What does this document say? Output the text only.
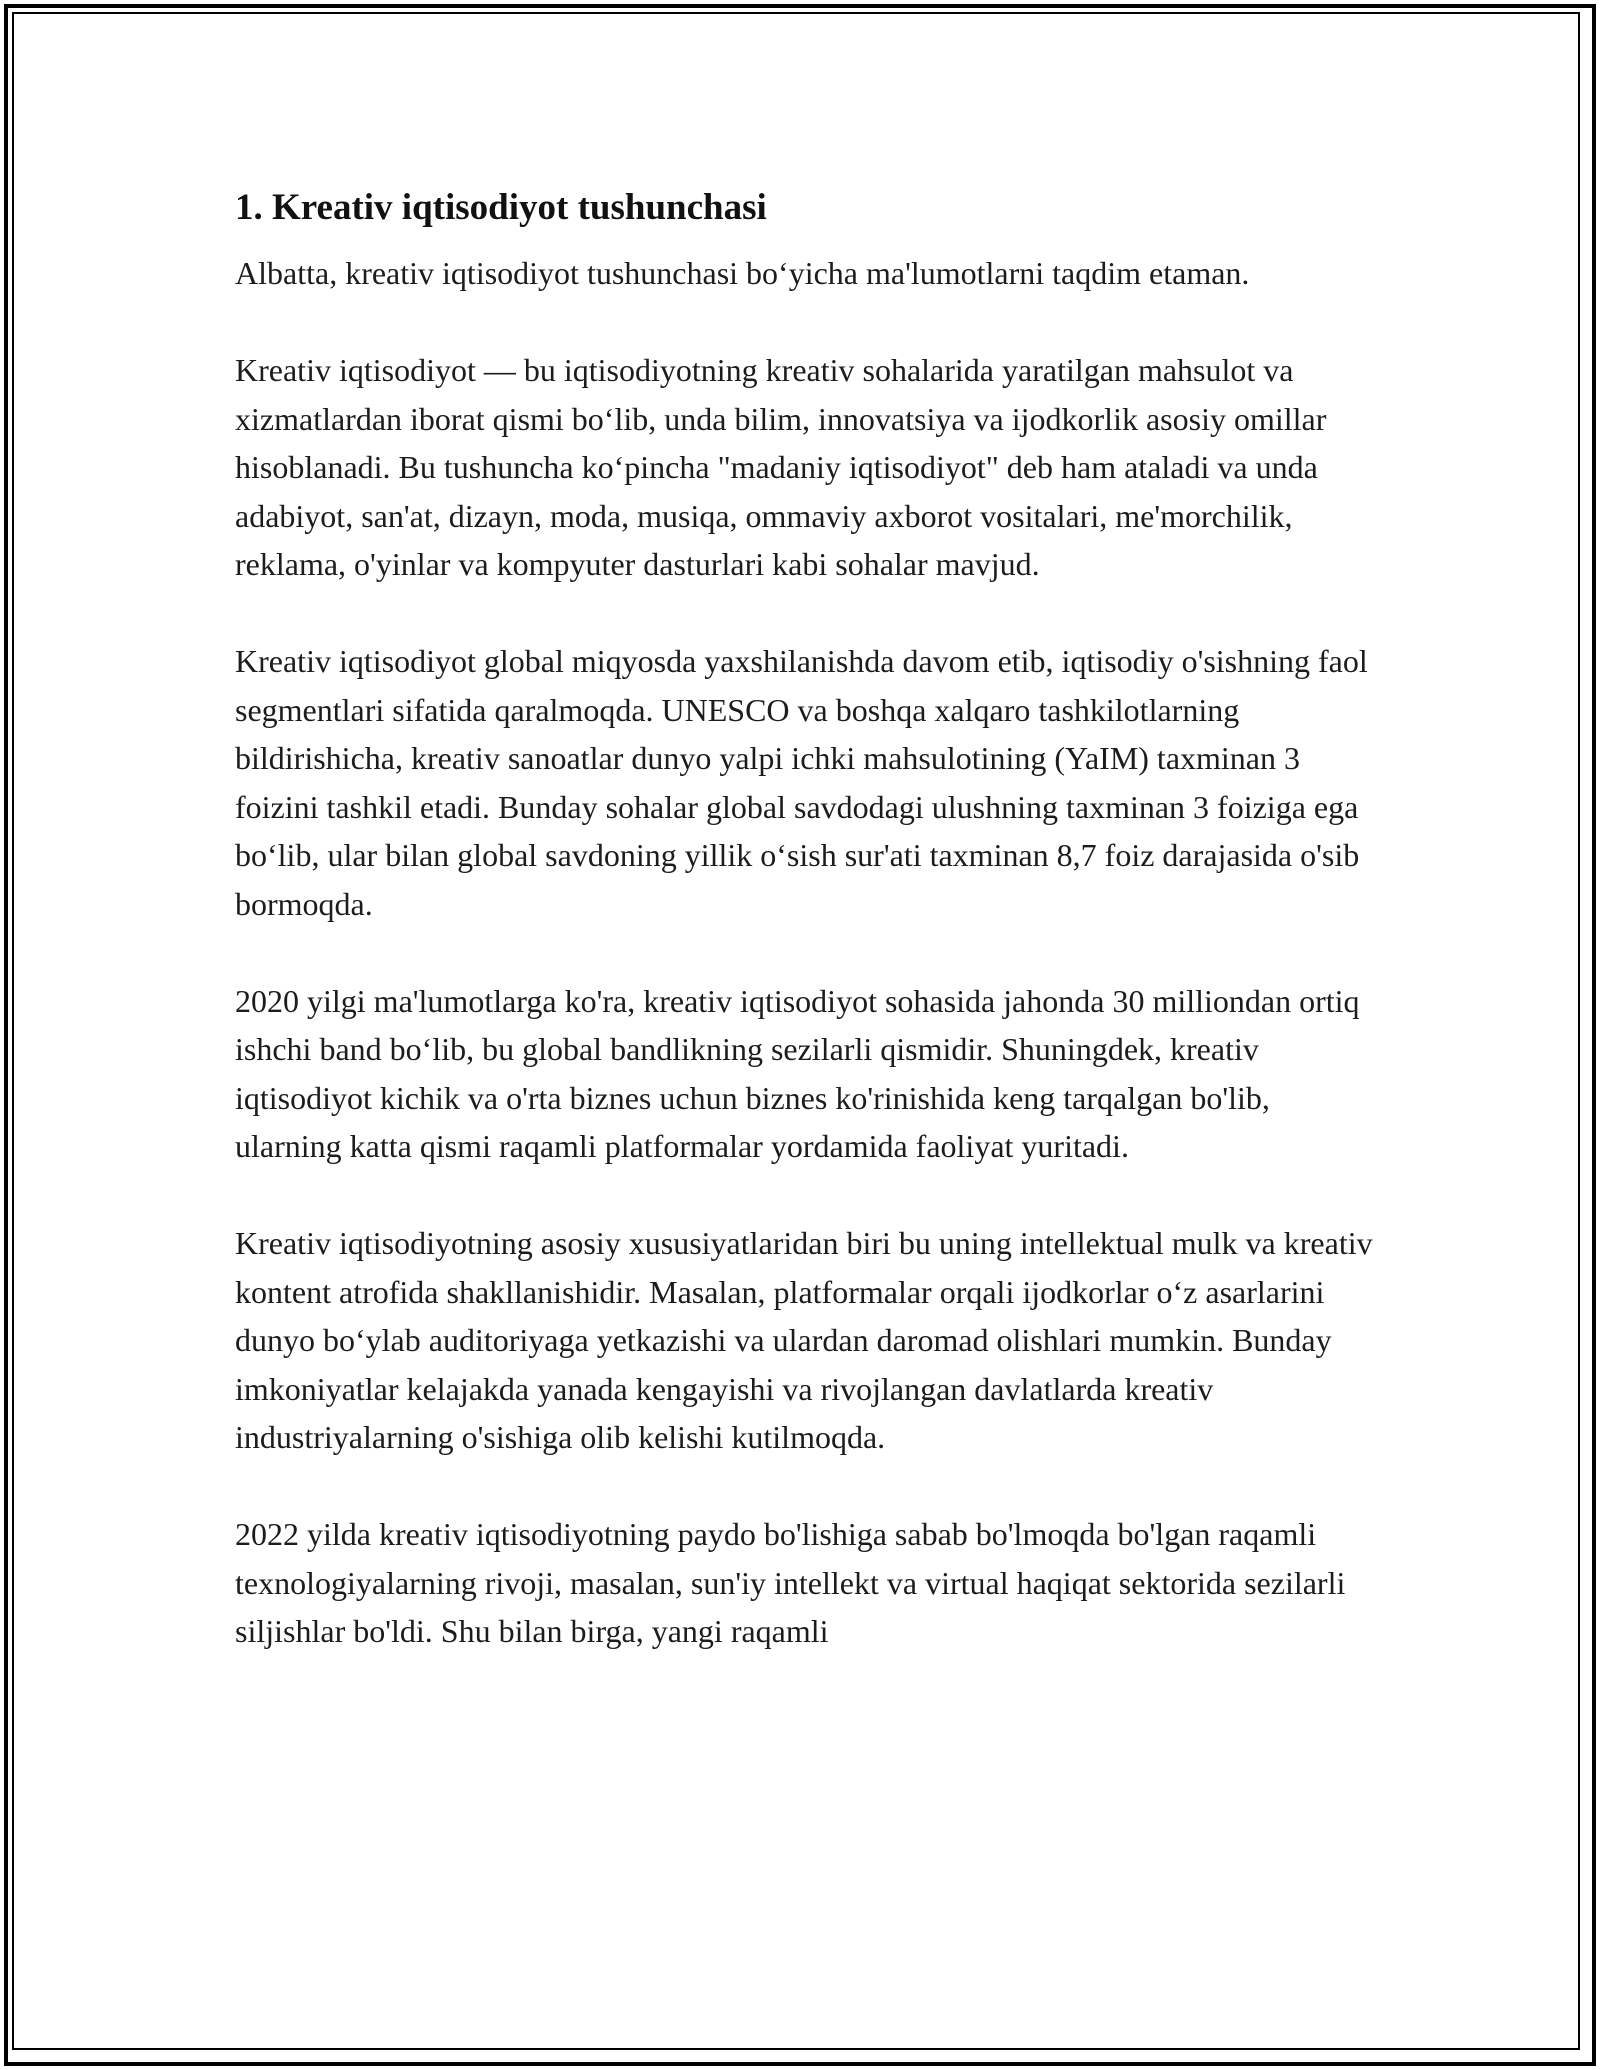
1. Kreativ iqtisodiyot tushunchasi

Albatta, kreativ iqtisodiyot tushunchasi bo‘yicha ma'lumotlarni taqdim etaman.

Kreativ iqtisodiyot — bu iqtisodiyotning kreativ sohalarida yaratilgan mahsulot va xizmatlardan iborat qismi bo‘lib, unda bilim, innovatsiya va ijodkorlik asosiy omillar hisoblanadi. Bu tushuncha ko‘pincha "madaniy iqtisodiyot" deb ham ataladi va unda adabiyot, san'at, dizayn, moda, musiqa, ommaviy axborot vositalari, me'morchilik, reklama, o'yinlar va kompyuter dasturlari kabi sohalar mavjud.

Kreativ iqtisodiyot global miqyosda yaxshilanishda davom etib, iqtisodiy o'sishning faol segmentlari sifatida qaralmoqda. UNESCO va boshqa xalqaro tashkilotlarning bildirishicha, kreativ sanoatlar dunyo yalpi ichki mahsulotining (YaIM) taxminan 3 foizini tashkil etadi. Bunday sohalar global savdodagi ulushning taxminan 3 foiziga ega bo‘lib, ular bilan global savdoning yillik o‘sish sur'ati taxminan 8,7 foiz darajasida o'sib bormoqda.

2020 yilgi ma'lumotlarga ko'ra, kreativ iqtisodiyot sohasida jahonda 30 milliondan ortiq ishchi band bo‘lib, bu global bandlikning sezilarli qismidir. Shuningdek, kreativ iqtisodiyot kichik va o'rta biznes uchun biznes ko'rinishida keng tarqalgan bo'lib, ularning katta qismi raqamli platformalar yordamida faoliyat yuritadi.

Kreativ iqtisodiyotning asosiy xususiyatlaridan biri bu uning intellektual mulk va kreativ kontent atrofida shakllanishidir. Masalan, platformalar orqali ijodkorlar o‘z asarlarini dunyo bo‘ylab auditoriyaga yetkazishi va ulardan daromad olishlari mumkin. Bunday imkoniyatlar kelajakda yanada kengayishi va rivojlangan davlatlarda kreativ industriyalarning o'sishiga olib kelishi kutilmoqda.

2022 yilda kreativ iqtisodiyotning paydo bo'lishiga sabab bo'lmoqda bo'lgan raqamli texnologiyalarning rivoji, masalan, sun'iy intellekt va virtual haqiqat sektorida sezilarli siljishlar bo'ldi. Shu bilan birga, yangi raqamli
